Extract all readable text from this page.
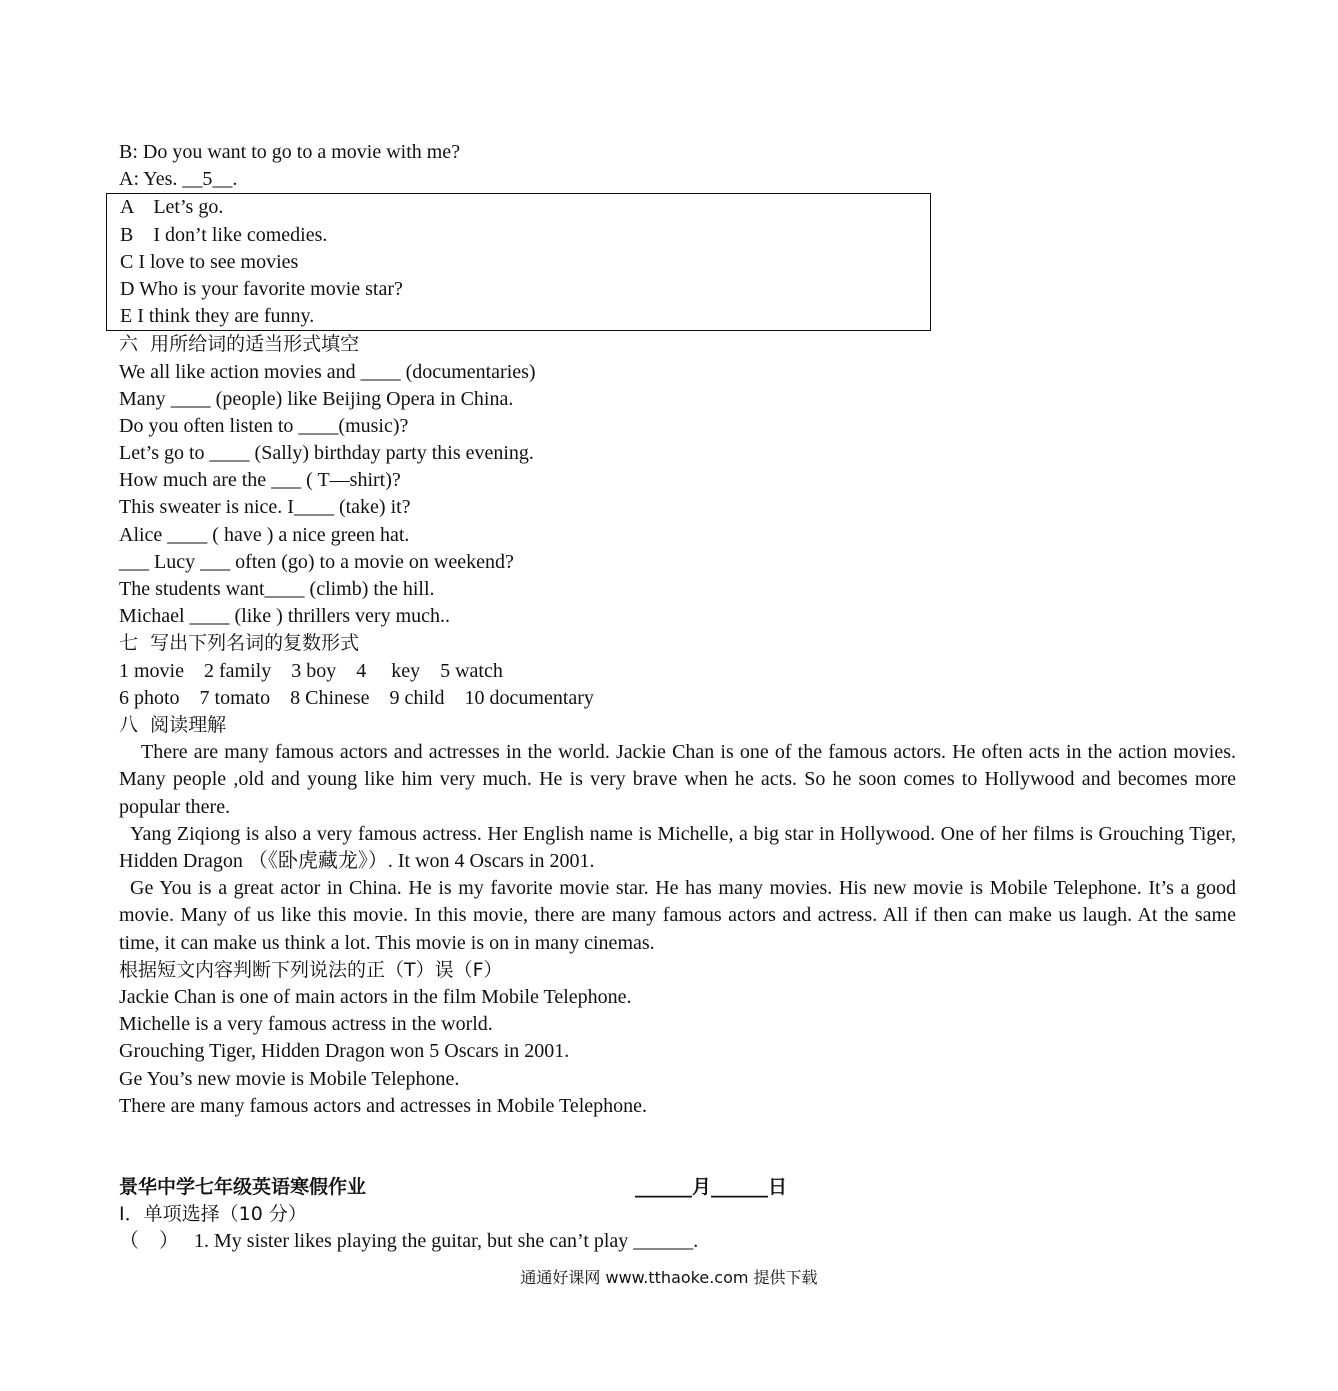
B: Do you want to go to a movie with me?
A: Yes. __5__.
A    Let’s go.
B    I don’t like comedies.
C I love to see movies
D Who is your favorite movie star?
E I think they are funny.
六  用所给词的适当形式填空
We all like action movies and ____ (documentaries)
Many ____ (people) like Beijing Opera in China.
Do you often listen to ____(music)?
Let’s go to ____ (Sally) birthday party this evening.
How much are the ___ ( T—shirt)?
This sweater is nice. I____ (take) it?
Alice ____ ( have ) a nice green hat.
___ Lucy ___ often (go) to a movie on weekend?
The students want____ (climb) the hill.
Michael ____ (like ) thrillers very much..
七  写出下列名词的复数形式
1 movie    2 family    3 boy    4     key    5 watch
6 photo    7 tomato    8 Chinese    9 child    10 documentary
八  阅读理解
There are many famous actors and actresses in the world. Jackie Chan is one of the famous actors. He often acts in the action movies. Many people ,old and young like him very much. He is very brave when he acts. So he soon comes to Hollywood and becomes more popular there.
Yang Ziqiong is also a very famous actress. Her English name is Michelle, a big star in Hollywood. One of her films is Grouching Tiger, Hidden Dragon （《卧虎藏龙》）. It won 4 Oscars in 2001.
Ge You is a great actor in China. He is my favorite movie star. He has many movies. His new movie is Mobile Telephone. It’s a good movie. Many of us like this movie. In this movie, there are many famous actors and actress. All if then can make us laugh. At the same time, it can make us think a lot. This movie is on in many cinemas.
根据短文内容判断下列说法的正（T）误（F）
Jackie Chan is one of main actors in the film Mobile Telephone.
Michelle is a very famous actress in the world.
Grouching Tiger, Hidden Dragon won 5 Oscars in 2001.
Ge You’s new movie is Mobile Telephone.
There are many famous actors and actresses in Mobile Telephone.
景华中学七年级英语寒假作业	______月______日
Ⅰ．单项选择（10 分）
（    ）   1. My sister likes playing the guitar, but she can’t play ______.
通通好课网 www.tthaoke.com 提供下载
